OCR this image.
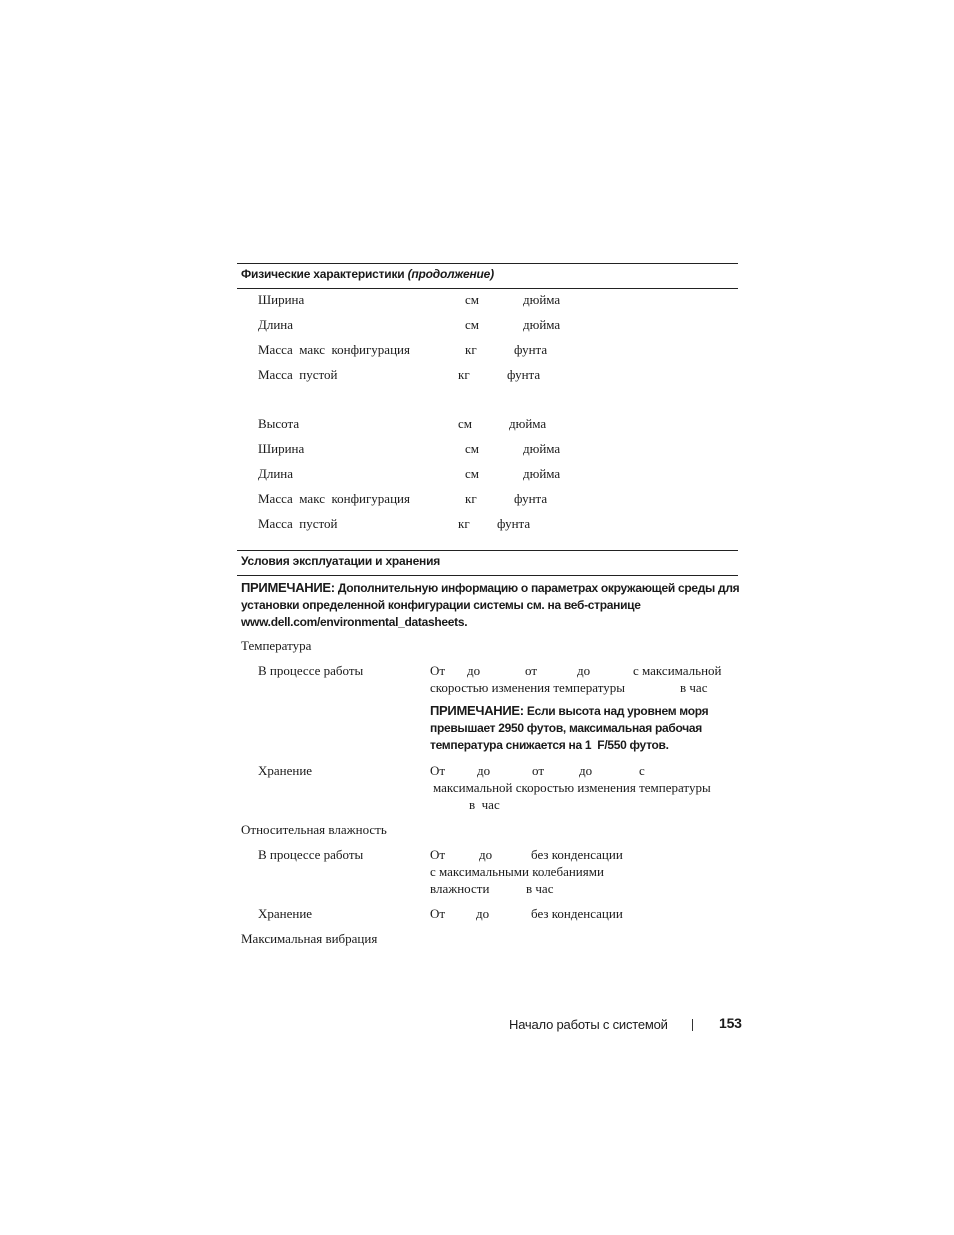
Физические характеристики (продолжение)
Ширина	см	дюйма
Длина	см	дюйма
Масса  макс  конфигурация	кг	фунта
Масса  пустой	кг	фунта
Высота	см	дюйма
Ширина	см	дюйма
Длина	см	дюйма
Масса  макс  конфигурация	кг	фунта
Масса  пустой	кг фунта
Условия эксплуатации и хранения
ПРИМЕЧАНИЕ: Дополнительную информацию о параметрах окружающей среды для
установки определенной конфигурации системы см. на веб-странице
www.dell.com/environmental_datasheets.
Температура
В процессе работы	От до	от	до	с максимальной
скоростью изменения температуры	в час
ПРИМЕЧАНИЕ: Если высота над уровнем моря
превышает 2950 футов, максимальная рабочая
температура снижается на 1  F/550 футов.
Хранение	От до	от	до	с
максимальной скоростью изменения температуры
в  час
Относительная влажность
В процессе работы	От	до	без конденсации
с максимальными колебаниями
влажности	в час
Хранение	От до	без конденсации
Максимальная вибрация
Начало работы с системой	153
